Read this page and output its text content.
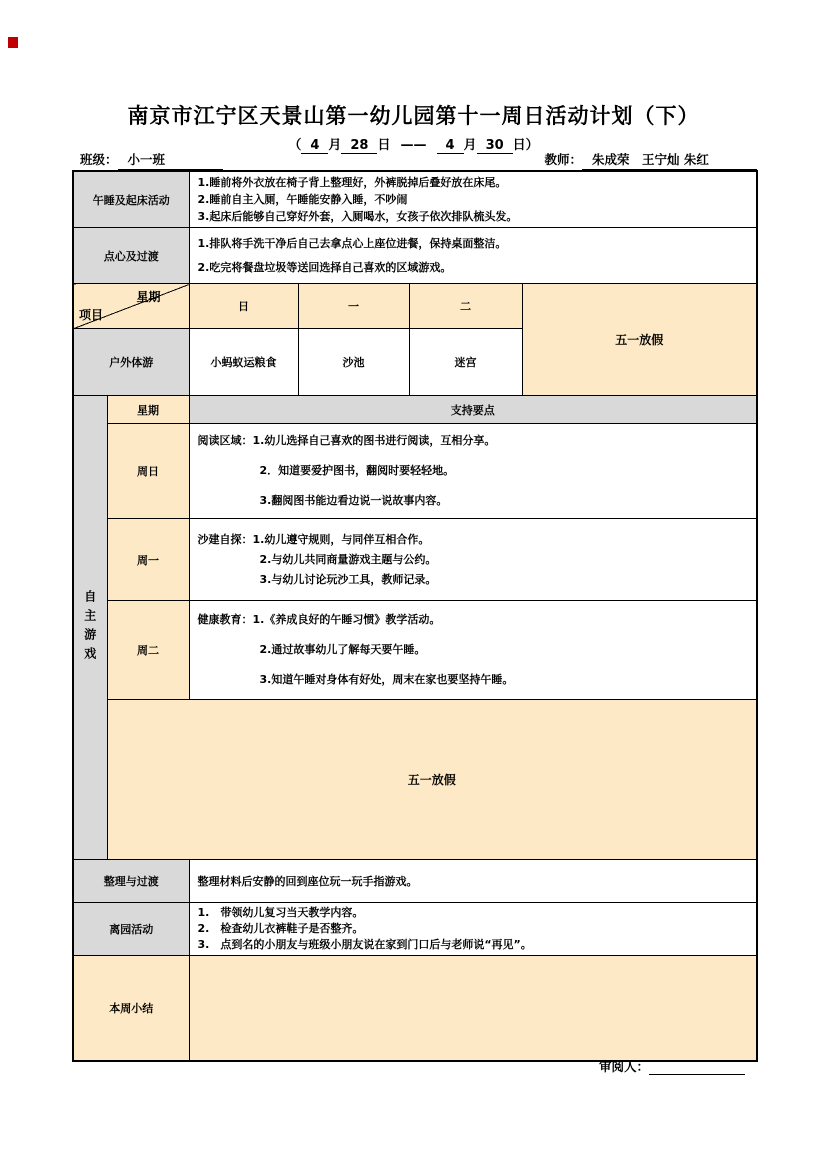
南京市江宁区天景山第一幼儿园第十一周日活动计划（下）
（ 4 月 28 日 —— 4 月 30 日）
班级： 小一班	教师： 朱成荣　王宁灿 朱红
午睡及起床活动		1.睡前将外衣放在椅子背上整理好，外裤脱掉后叠好放在床尾。
2.睡前自主入厕，午睡能安静入睡，不吵闹
3.起床后能够自己穿好外套，入厕喝水，女孩子依次排队梳头发。			

点心及过渡		1.排队将手洗干净后自己去拿点心上座位进餐，保持桌面整洁。
2.吃完将餐盘垃圾等送回选择自己喜欢的区域游戏。			

星期
项目		日	一	二	五一放假
户外体游		小蚂蚁运粮食	沙池	迷宫	

自主游戏	星期	支持要点			
	周日	阅读区域：1.幼儿选择自己喜欢的图书进行阅读，互相分享。
2．知道要爱护图书，翻阅时要轻轻地。
3.翻阅图书能边看边说一说故事内容。			

	周一	沙建自探：1.幼儿遵守规则，与同伴互相合作。
2.与幼儿共同商量游戏主题与公约。
3.与幼儿讨论玩沙工具，教师记录。			

	周二	健康教育：1.《养成良好的午睡习惯》教学活动。
2.通过故事幼儿了解每天要午睡。
3.知道午睡对身体有好处，周末在家也要坚持午睡。			

	五一放假				
整理与过渡		整理材料后安静的回到座位玩一玩手指游戏。			

离园活动		1.　带领幼儿复习当天教学内容。
2.　检查幼儿衣裤鞋子是否整齐。
3.　点到名的小朋友与班级小朋友说在家到门口后与老师说“再见”。			

本周小结					
审阅人：
